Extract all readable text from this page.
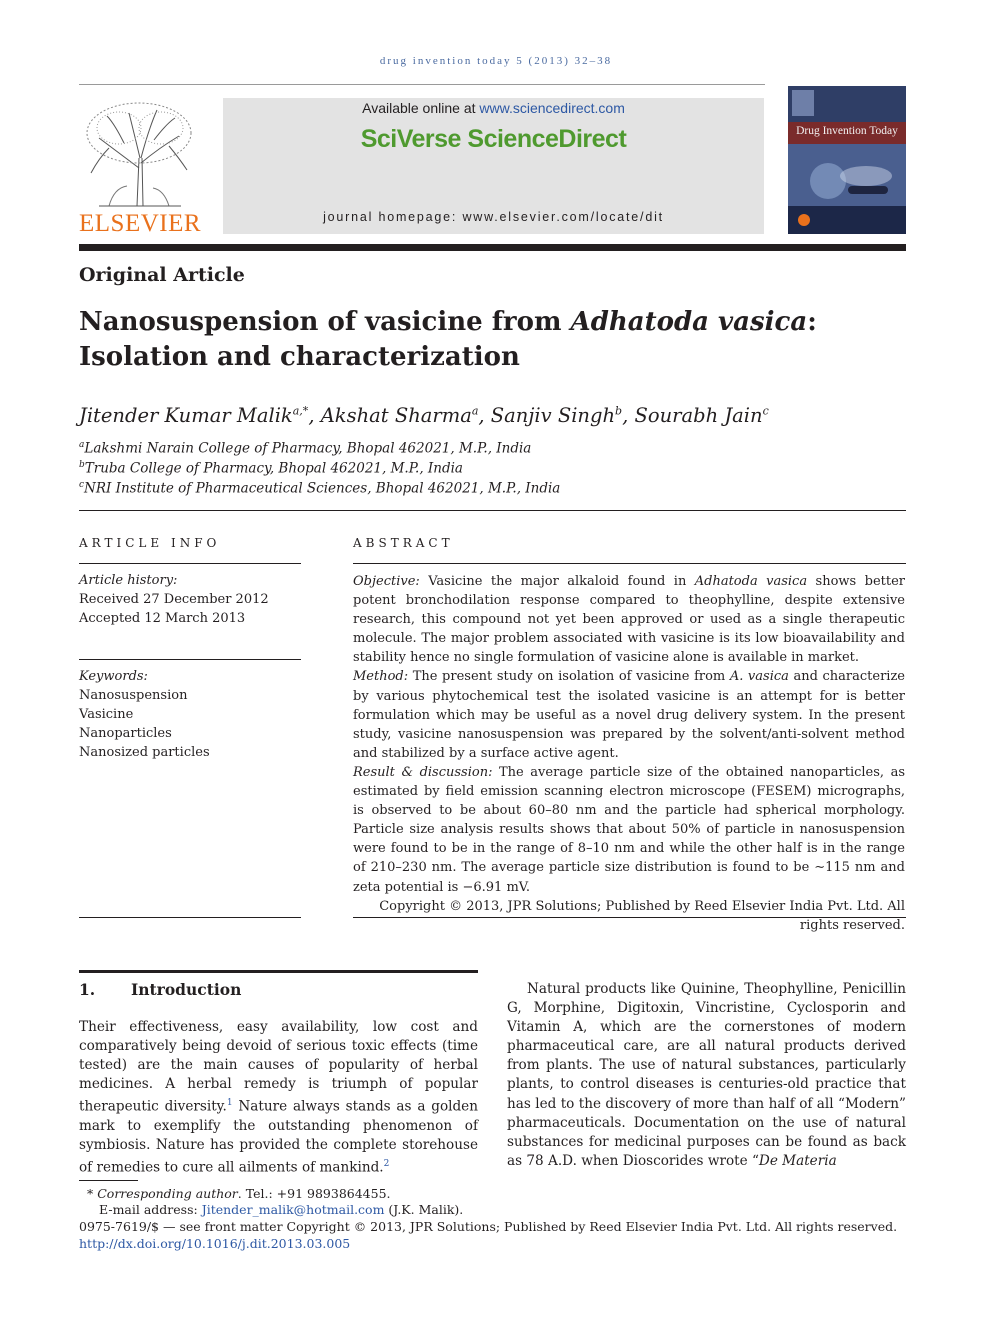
drug invention today 5 (2013) 32–38
ELSEVIER
Available online at www.sciencedirect.com
SciVerse ScienceDirect
journal homepage: www.elsevier.com/locate/dit
Drug Invention Today
Original Article
Nanosuspension of vasicine from Adhatoda vasica: Isolation and characterization
Jitender Kumar Malik$^{a,*}$, Akshat Sharma$^a$, Sanjiv Singh$^b$, Sourabh Jain$^c$
$^a$Lakshmi Narain College of Pharmacy, Bhopal 462021, M.P., India
$^b$Truba College of Pharmacy, Bhopal 462021, M.P., India
$^c$NRI Institute of Pharmaceutical Sciences, Bhopal 462021, M.P., India
ARTICLE INFO
Article history:
Received 27 December 2012
Accepted 12 March 2013
Keywords:
Nanosuspension
Vasicine
Nanoparticles
Nanosized particles
ABSTRACT

Objective: Vasicine the major alkaloid found in Adhatoda vasica shows better potent bronchodilation response compared to theophylline, despite extensive research, this compound not yet been approved or used as a single therapeutic molecule. The major problem associated with vasicine is its low bioavailability and stability hence no single formulation of vasicine alone is available in market.

Method: The present study on isolation of vasicine from A. vasica and characterize by various phytochemical test the isolated vasicine is an attempt for is better formulation which may be useful as a novel drug delivery system. In the present study, vasicine nanosuspension was prepared by the solvent/anti-solvent method and stabilized by a surface active agent.

Result & discussion: The average particle size of the obtained nanoparticles, as estimated by field emission scanning electron microscope (FESEM) micrographs, is observed to be about 60–80 nm and the particle had spherical morphology. Particle size analysis results shows that about 50% of particle in nanosuspension were found to be in the range of 8–10 nm and while the other half is in the range of 210–230 nm. The average particle size distribution is found to be ∼115 nm and zeta potential is −6.91 mV.

Copyright © 2013, JPR Solutions; Published by Reed Elsevier India Pvt. Ltd. All rights reserved.

1. Introduction
Their effectiveness, easy availability, low cost and comparatively being devoid of serious toxic effects (time tested) are the main causes of popularity of herbal medicines. A herbal remedy is triumph of popular therapeutic diversity.$^1$ Nature always stands as a golden mark to exemplify the outstanding phenomenon of symbiosis. Nature has provided the complete storehouse of remedies to cure all ailments of mankind.$^2$
Natural products like Quinine, Theophylline, Penicillin G, Morphine, Digitoxin, Vincristine, Cyclosporin and Vitamin A, which are the cornerstones of modern pharmaceutical care, are all natural products derived from plants. The use of natural substances, particularly plants, to control diseases is centuries-old practice that has led to the discovery of more than half of all “Modern” pharmaceuticals. Documentation on the use of natural substances for medicinal purposes can be found as back as 78 A.D. when Dioscorides wrote “De Materia
* Corresponding author. Tel.: +91 9893864455.
E-mail address: Jitender_malik@hotmail.com (J.K. Malik).
0975-7619/$ — see front matter Copyright © 2013, JPR Solutions; Published by Reed Elsevier India Pvt. Ltd. All rights reserved.
http://dx.doi.org/10.1016/j.dit.2013.03.005
